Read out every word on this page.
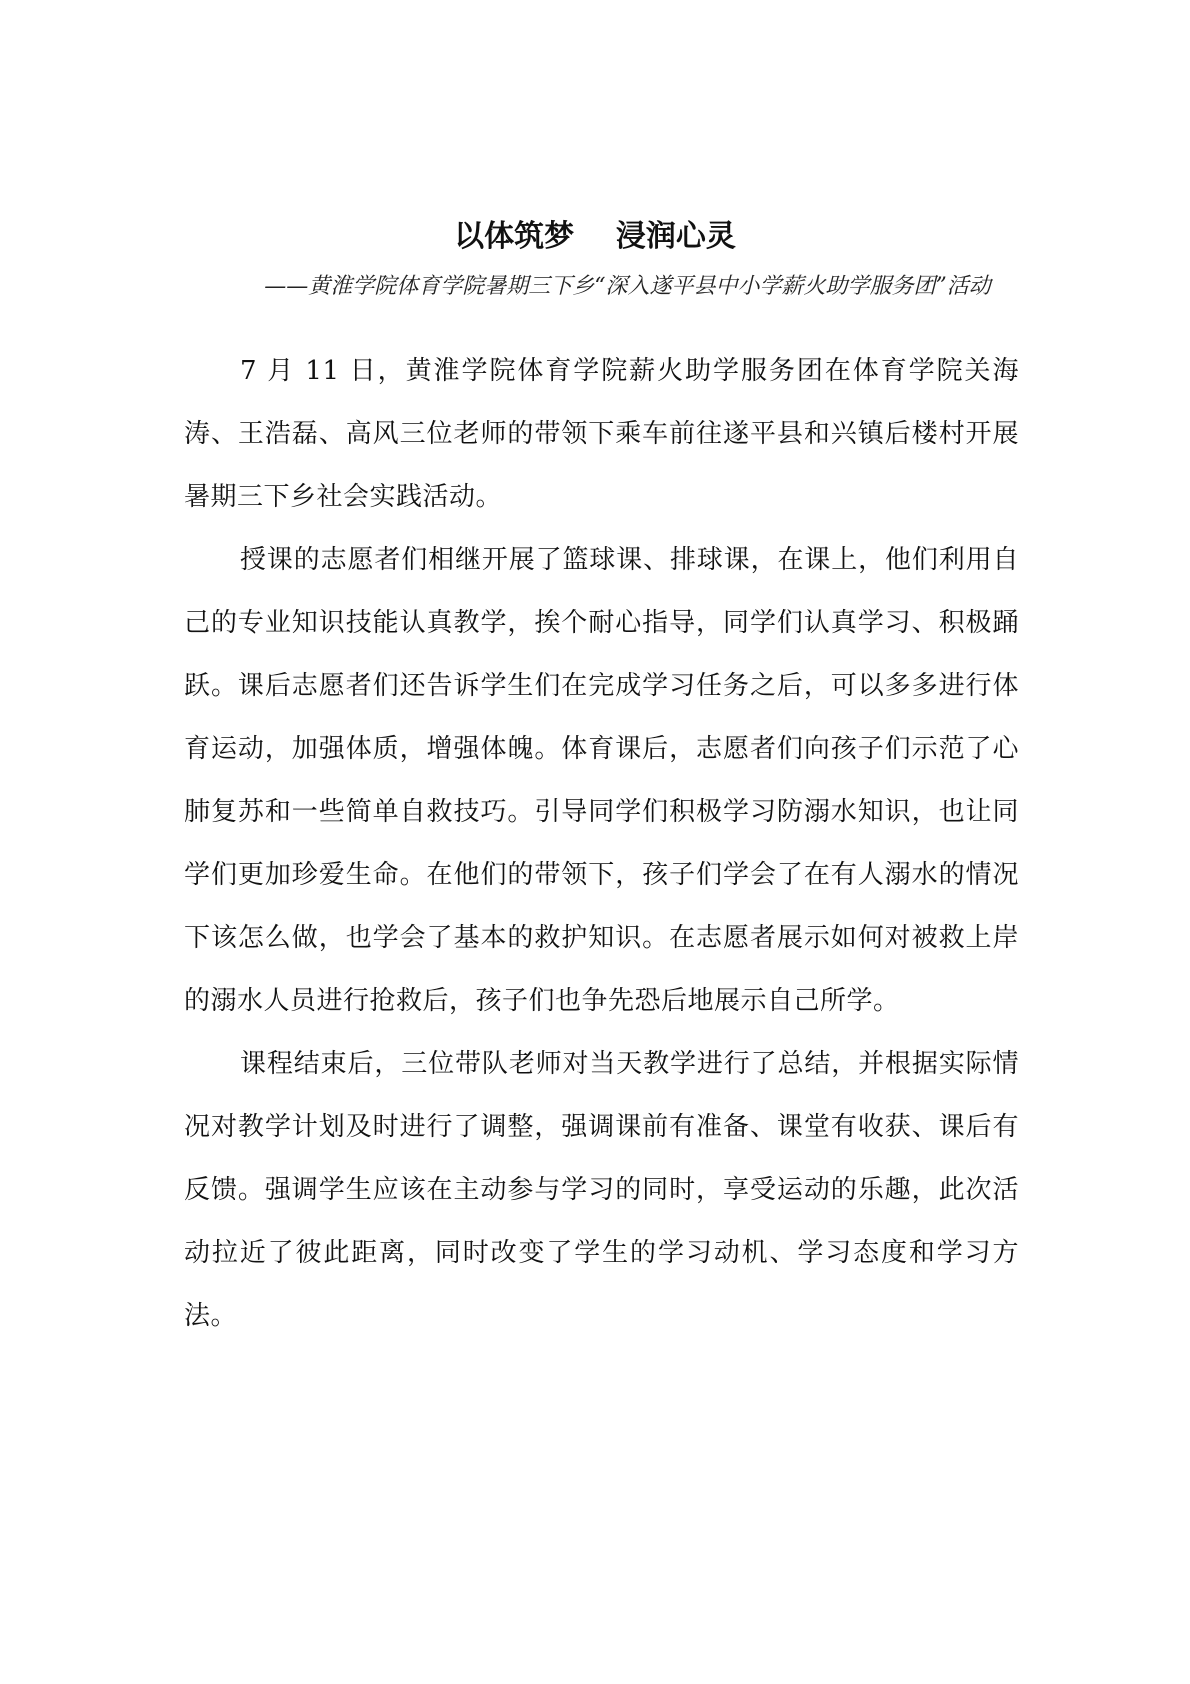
以体筑梦    浸润心灵
——黄淮学院体育学院暑期三下乡“深入遂平县中小学薪火助学服务团”活动

7 月 11 日，黄淮学院体育学院薪火助学服务团在体育学院关海涛、王浩磊、高风三位老师的带领下乘车前往遂平县和兴镇后楼村开展暑期三下乡社会实践活动。

授课的志愿者们相继开展了篮球课、排球课，在课上，他们利用自己的专业知识技能认真教学，挨个耐心指导，同学们认真学习、积极踊跃。课后志愿者们还告诉学生们在完成学习任务之后，可以多多进行体育运动，加强体质，增强体魄。体育课后，志愿者们向孩子们示范了心肺复苏和一些简单自救技巧。引导同学们积极学习防溺水知识，也让同学们更加珍爱生命。在他们的带领下，孩子们学会了在有人溺水的情况下该怎么做，也学会了基本的救护知识。在志愿者展示如何对被救上岸的溺水人员进行抢救后，孩子们也争先恐后地展示自己所学。

课程结束后，三位带队老师对当天教学进行了总结，并根据实际情况对教学计划及时进行了调整，强调课前有准备、课堂有收获、课后有反馈。强调学生应该在主动参与学习的同时，享受运动的乐趣，此次活动拉近了彼此距离，同时改变了学生的学习动机、学习态度和学习方法。
